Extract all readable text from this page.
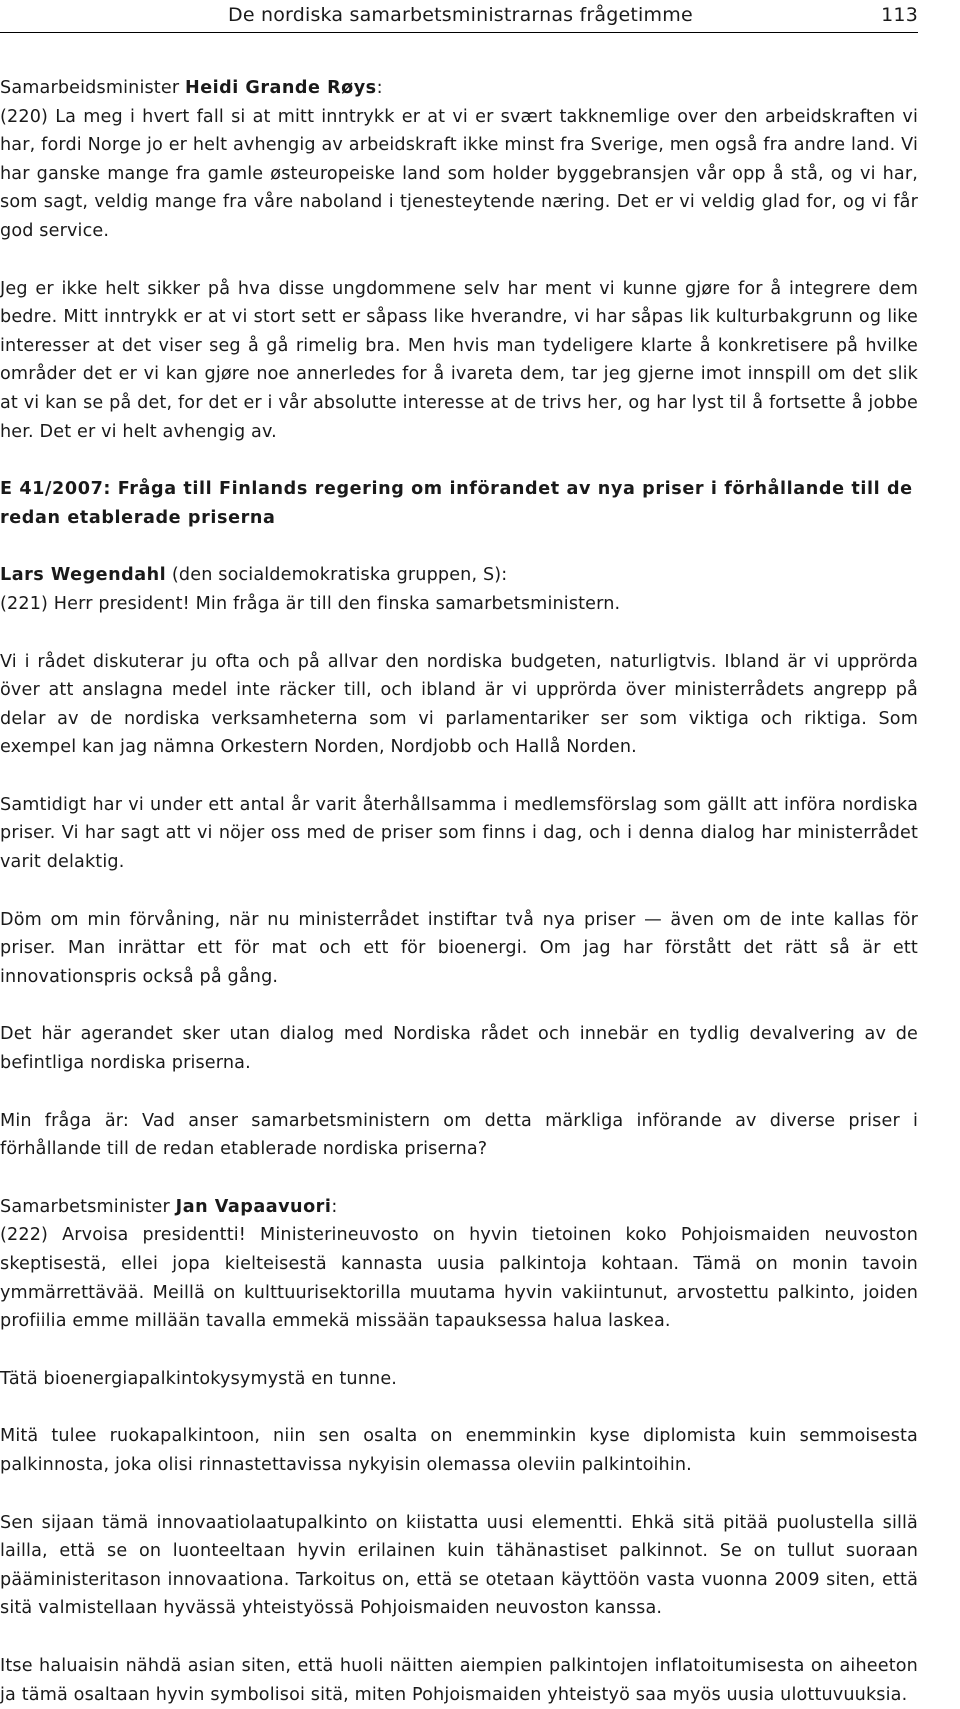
De nordiska samarbetsministrarnas frågetimme	113

Samarbeidsminister Heidi Grande Røys:

(220) La meg i hvert fall si at mitt inntrykk er at vi er svært takknemlige over den arbeidskraften vi har, fordi Norge jo er helt avhengig av arbeidskraft ikke minst fra Sverige, men også fra andre land. Vi har ganske mange fra gamle østeuropeiske land som holder byggebransjen vår opp å stå, og vi har, som sagt, veldig mange fra våre naboland i tjenesteytende næring. Det er vi veldig glad for, og vi får god service.

Jeg er ikke helt sikker på hva disse ungdommene selv har ment vi kunne gjøre for å integrere dem bedre. Mitt inntrykk er at vi stort sett er såpass like hverandre, vi har såpas lik kulturbakgrunn og like interesser at det viser seg å gå rimelig bra. Men hvis man tydeligere klarte å konkretisere på hvilke områder det er vi kan gjøre noe annerledes for å ivareta dem, tar jeg gjerne imot innspill om det slik at vi kan se på det, for det er i vår absolutte interesse at de trivs her, og har lyst til å fortsette å jobbe her. Det er vi helt avhengig av.

E 41/2007: Fråga till Finlands regering om införandet av nya priser i förhållande till de redan etablerade priserna

Lars Wegendahl (den socialdemokratiska gruppen, S):

(221) Herr president! Min fråga är till den finska samarbetsministern.

Vi i rådet diskuterar ju ofta och på allvar den nordiska budgeten, naturligtvis. Ibland är vi upprörda över att anslagna medel inte räcker till, och ibland är vi upprörda över ministerrådets angrepp på delar av de nordiska verksamheterna som vi parlamentariker ser som viktiga och riktiga. Som exempel kan jag nämna Orkestern Norden, Nordjobb och Hallå Norden.

Samtidigt har vi under ett antal år varit återhållsamma i medlemsförslag som gällt att införa nordiska priser. Vi har sagt att vi nöjer oss med de priser som finns i dag, och i denna dialog har ministerrådet varit delaktig.

Döm om min förvåning, när nu ministerrådet instiftar två nya priser — även om de inte kallas för priser. Man inrättar ett för mat och ett för bioenergi. Om jag har förstått det rätt så är ett innovationspris också på gång.

Det här agerandet sker utan dialog med Nordiska rådet och innebär en tydlig devalvering av de befintliga nordiska priserna.

Min fråga är: Vad anser samarbetsministern om detta märkliga införande av diverse priser i förhållande till de redan etablerade nordiska priserna?

Samarbetsminister Jan Vapaavuori:

(222) Arvoisa presidentti! Ministerineuvosto on hyvin tietoinen koko Pohjoismaiden neuvoston skeptisestä, ellei jopa kielteisestä kannasta uusia palkintoja kohtaan. Tämä on monin tavoin ymmärrettävää. Meillä on kulttuurisektorilla muutama hyvin vakiintunut, arvostettu palkinto, joiden profiilia emme millään tavalla emmekä missään tapauksessa halua laskea.

Tätä bioenergiapalkintokysymystä en tunne.

Mitä tulee ruokapalkintoon, niin sen osalta on enemminkin kyse diplomista kuin semmoisesta palkinnosta, joka olisi rinnastettavissa nykyisin olemassa oleviin palkintoihin.

Sen sijaan tämä innovaatiolaatupalkinto on kiistatta uusi elementti. Ehkä sitä pitää puolustella sillä lailla, että se on luonteeltaan hyvin erilainen kuin tähänastiset palkinnot. Se on tullut suoraan pääministeritason innovaationa. Tarkoitus on, että se otetaan käyttöön vasta vuonna 2009 siten, että sitä valmistellaan hyvässä yhteistyössä Pohjoismaiden neuvoston kanssa.

Itse haluaisin nähdä asian siten, että huoli näitten aiempien palkintojen inflatoitumisesta on aiheeton ja tämä osaltaan hyvin symbolisoi sitä, miten Pohjoismaiden yhteistyö saa myös uusia ulottuvuuksia.
